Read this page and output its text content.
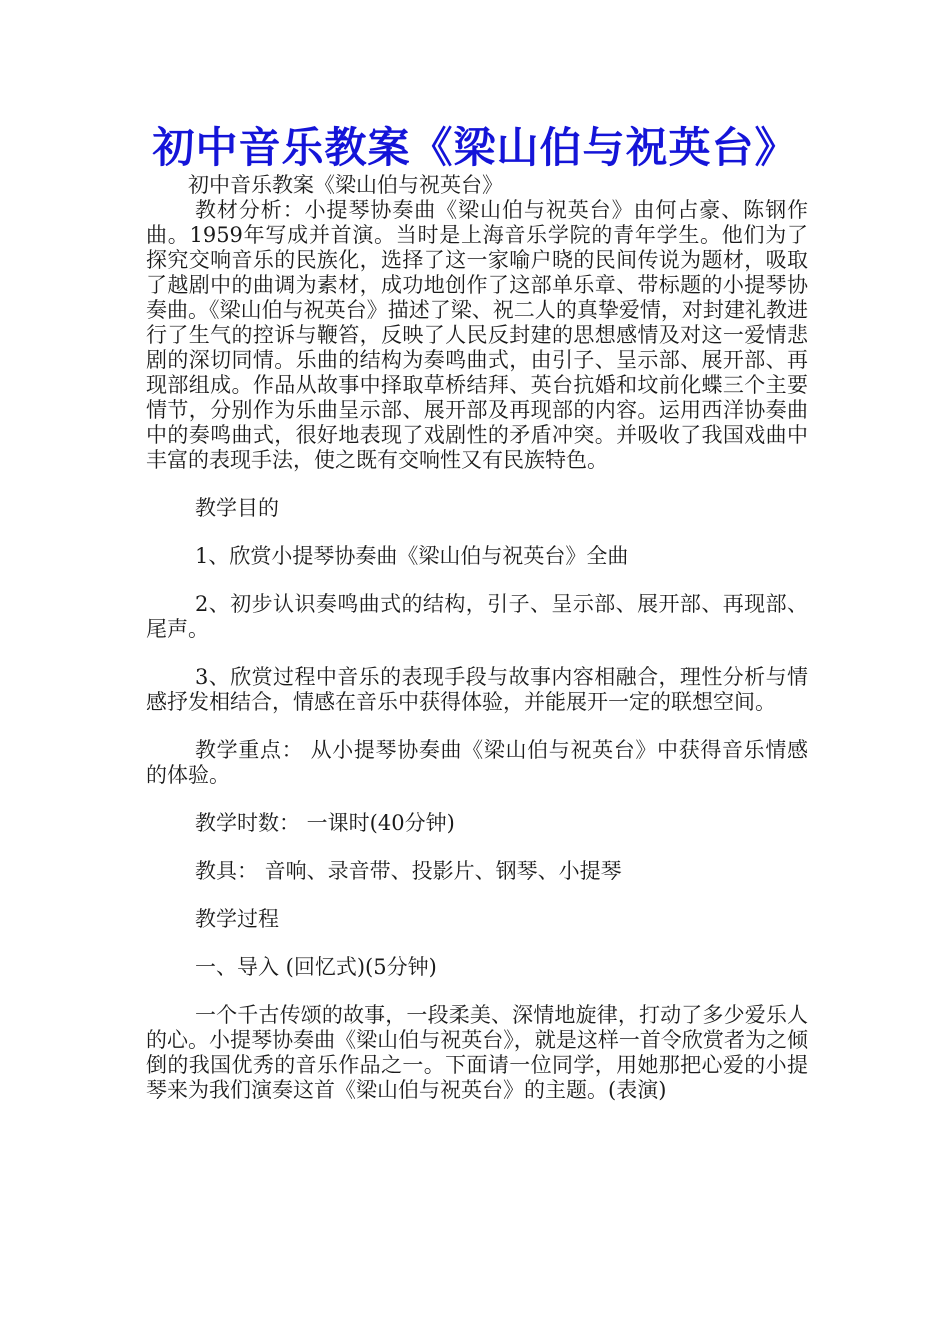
初中音乐教案《梁山伯与祝英台》

初中音乐教案《梁山伯与祝英台》

教材分析：小提琴协奏曲《梁山伯与祝英台》由何占豪、陈钢作曲。1959年写成并首演。当时是上海音乐学院的青年学生。他们为了探究交响音乐的民族化，选择了这一家喻户晓的民间传说为题材，吸取了越剧中的曲调为素材，成功地创作了这部单乐章、带标题的小提琴协奏曲。《梁山伯与祝英台》描述了梁、祝二人的真挚爱情，对封建礼教进行了生气的控诉与鞭笞，反映了人民反封建的思想感情及对这一爱情悲剧的深切同情。乐曲的结构为奏鸣曲式，由引子、呈示部、展开部、再现部组成。作品从故事中择取草桥结拜、英台抗婚和坟前化蝶三个主要情节，分别作为乐曲呈示部、展开部及再现部的内容。运用西洋协奏曲中的奏鸣曲式，很好地表现了戏剧性的矛盾冲突。并吸收了我国戏曲中丰富的表现手法，使之既有交响性又有民族特色。

教学目的

1、欣赏小提琴协奏曲《梁山伯与祝英台》全曲

2、初步认识奏鸣曲式的结构，引子、呈示部、展开部、再现部、尾声。

3、欣赏过程中音乐的表现手段与故事内容相融合，理性分析与情感抒发相结合，情感在音乐中获得体验，并能展开一定的联想空间。

教学重点： 从小提琴协奏曲《梁山伯与祝英台》中获得音乐情感的体验。

教学时数： 一课时(40分钟)

教具： 音响、录音带、投影片、钢琴、小提琴

教学过程

一、导入 (回忆式)(5分钟)

一个千古传颂的故事，一段柔美、深情地旋律，打动了多少爱乐人的心。小提琴协奏曲《梁山伯与祝英台》，就是这样一首令欣赏者为之倾倒的我国优秀的音乐作品之一。下面请一位同学，用她那把心爱的小提琴来为我们演奏这首《梁山伯与祝英台》的主题。(表演)
